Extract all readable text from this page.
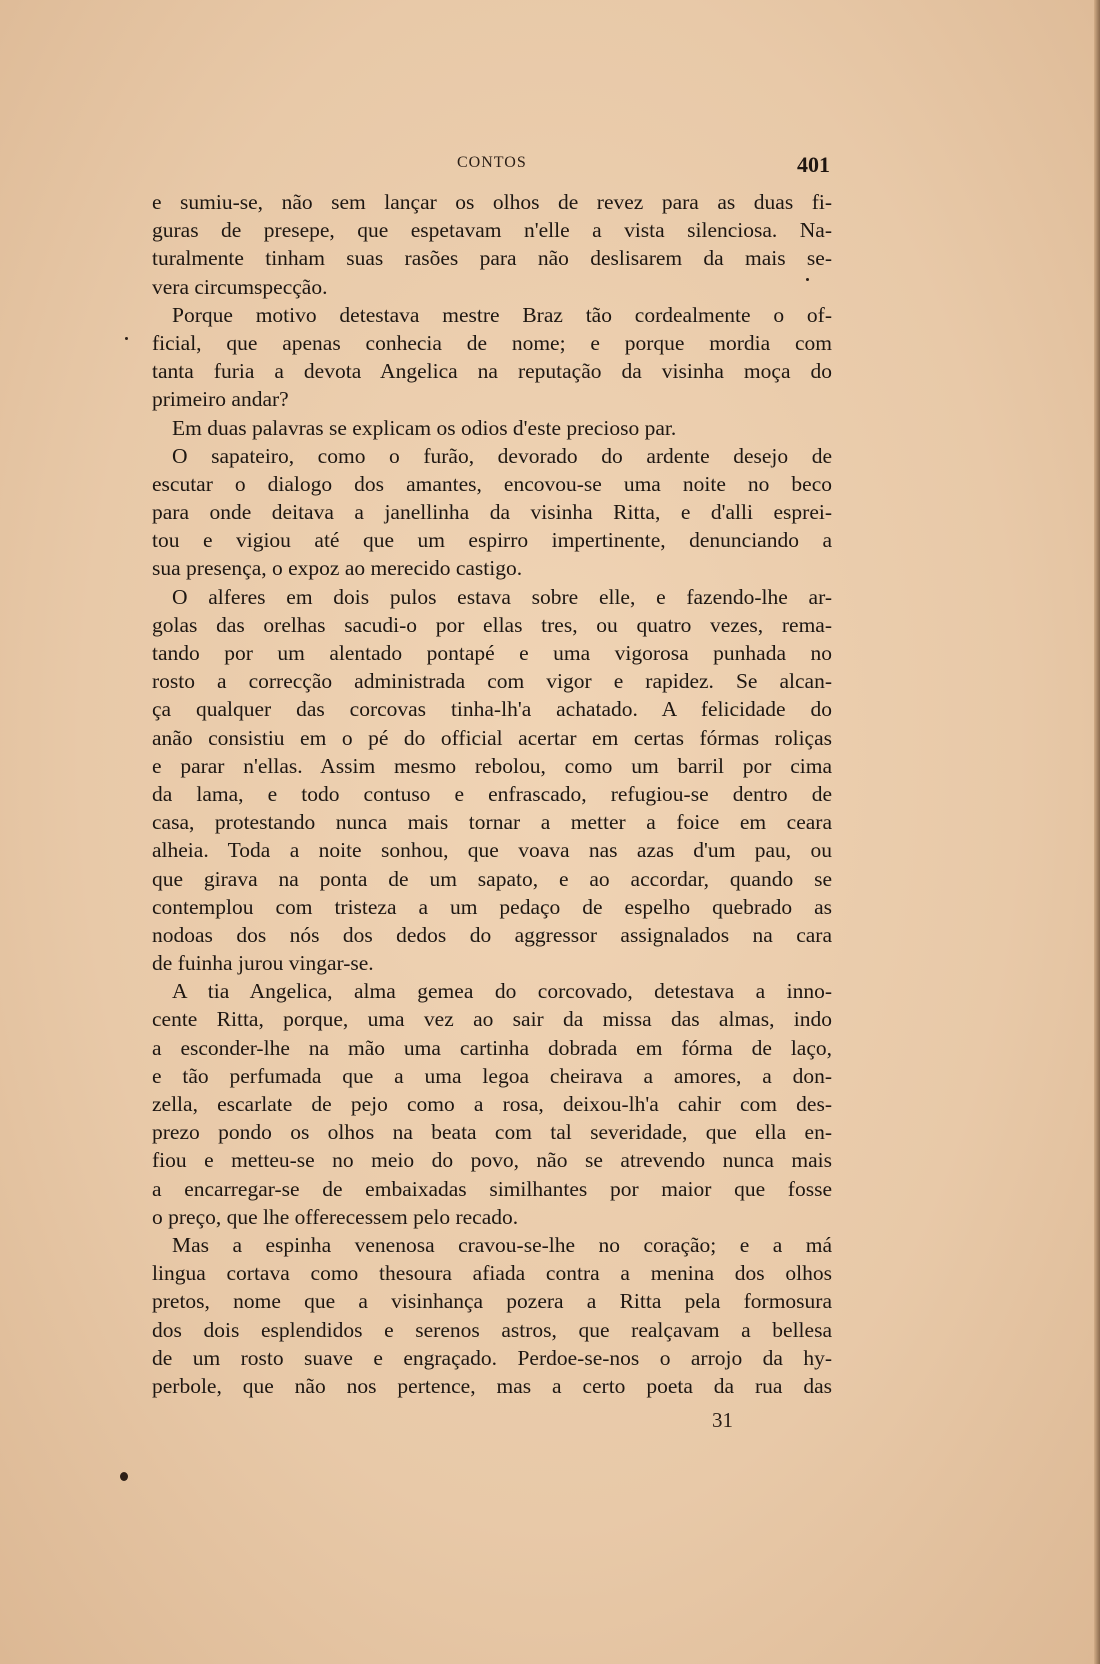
CONTOS	401
e sumiu-se, não sem lançar os olhos de revez para as duas fi-
guras de presepe, que espetavam n'elle a vista silenciosa. Na-
turalmente tinham suas rasões para não deslisarem da mais se-
vera circumspecção.
Porque motivo detestava mestre Braz tão cordealmente o of-
ficial, que apenas conhecia de nome; e porque mordia com
tanta furia a devota Angelica na reputação da visinha moça do
primeiro andar?
Em duas palavras se explicam os odios d'este precioso par.
O sapateiro, como o furão, devorado do ardente desejo de
escutar o dialogo dos amantes, encovou-se uma noite no beco
para onde deitava a janellinha da visinha Ritta, e d'alli esprei-
tou e vigiou até que um espirro impertinente, denunciando a
sua presença, o expoz ao merecido castigo.
O alferes em dois pulos estava sobre elle, e fazendo-lhe ar-
golas das orelhas sacudi-o por ellas tres, ou quatro vezes, rema-
tando por um alentado pontapé e uma vigorosa punhada no
rosto a correcção administrada com vigor e rapidez. Se alcan-
ça qualquer das corcovas tinha-lh'a achatado. A felicidade do
anão consistiu em o pé do official acertar em certas fórmas roliças
e parar n'ellas. Assim mesmo rebolou, como um barril por cima
da lama, e todo contuso e enfrascado, refugiou-se dentro de
casa, protestando nunca mais tornar a metter a foice em ceara
alheia. Toda a noite sonhou, que voava nas azas d'um pau, ou
que girava na ponta de um sapato, e ao accordar, quando se
contemplou com tristeza a um pedaço de espelho quebrado as
nodoas dos nós dos dedos do aggressor assignalados na cara
de fuinha jurou vingar-se.
A tia Angelica, alma gemea do corcovado, detestava a inno-
cente Ritta, porque, uma vez ao sair da missa das almas, indo
a esconder-lhe na mão uma cartinha dobrada em fórma de laço,
e tão perfumada que a uma legoa cheirava a amores, a don-
zella, escarlate de pejo como a rosa, deixou-lh'a cahir com des-
prezo pondo os olhos na beata com tal severidade, que ella en-
fiou e metteu-se no meio do povo, não se atrevendo nunca mais
a encarregar-se de embaixadas similhantes por maior que fosse
o preço, que lhe offerecessem pelo recado.
Mas a espinha venenosa cravou-se-lhe no coração; e a má
lingua cortava como thesoura afiada contra a menina dos olhos
pretos, nome que a visinhança pozera a Ritta pela formosura
dos dois esplendidos e serenos astros, que realçavam a bellesa
de um rosto suave e engraçado. Perdoe-se-nos o arrojo da hy-
perbole, que não nos pertence, mas a certo poeta da rua das
31
